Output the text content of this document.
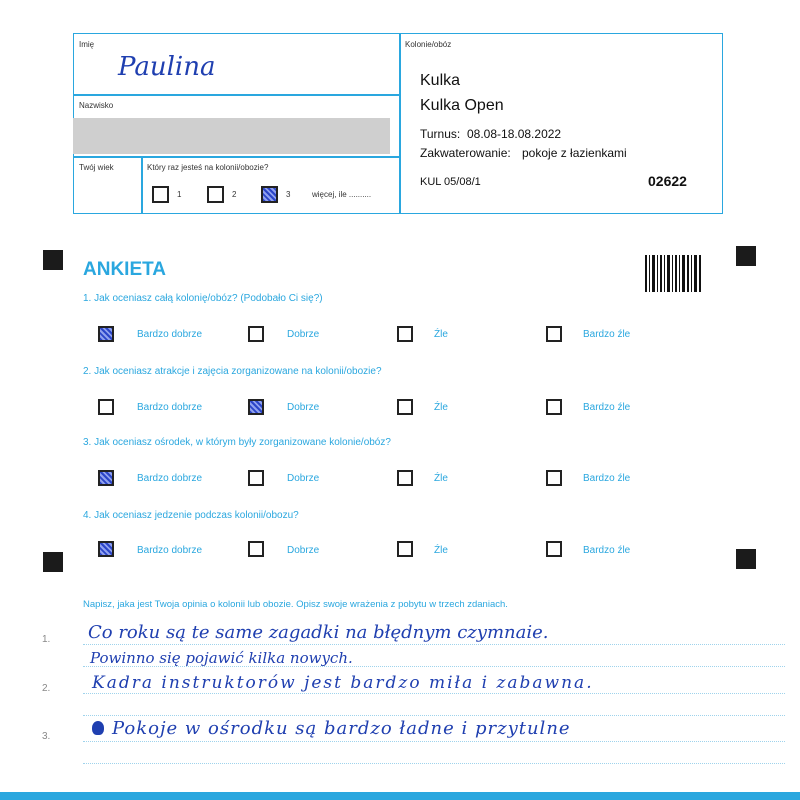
Imię
Paulina
Nazwisko
Twój wiek	Który raz jesteś na kolonii/obozie?
1	2	3	więcej, ile ..........
Kolonie/obóz
Kulka
Kulka Open
Turnus: 08.08-18.08.2022
Zakwaterowanie: pokoje z łazienkami
KUL 05/08/1	02622
ANKIETA
1. Jak oceniasz całą kolonię/obóz? (Podobało Ci się?)
Bardzo dobrze	Dobrze	Źle	Bardzo źle
2. Jak oceniasz atrakcje i zajęcia zorganizowane na kolonii/obozie?
Bardzo dobrze	Dobrze	Źle	Bardzo źle
3. Jak oceniasz ośrodek, w którym były zorganizowane kolonie/obóz?
Bardzo dobrze	Dobrze	Źle	Bardzo źle
4. Jak oceniasz jedzenie podczas kolonii/obozu?
Bardzo dobrze	Dobrze	Źle	Bardzo źle
Napisz, jaka jest Twoja opinia o kolonii lub obozie. Opisz swoje wrażenia z pobytu w trzech zdaniach.
1.
2.
3.
Co roku są te same zagadki na błędnym czymnaie.
Powinno się pojawić kilka nowych.
Kadra instruktorów jest bardzo miła i zabawna.
Pokoje w ośrodku są bardzo ładne i przytulne
